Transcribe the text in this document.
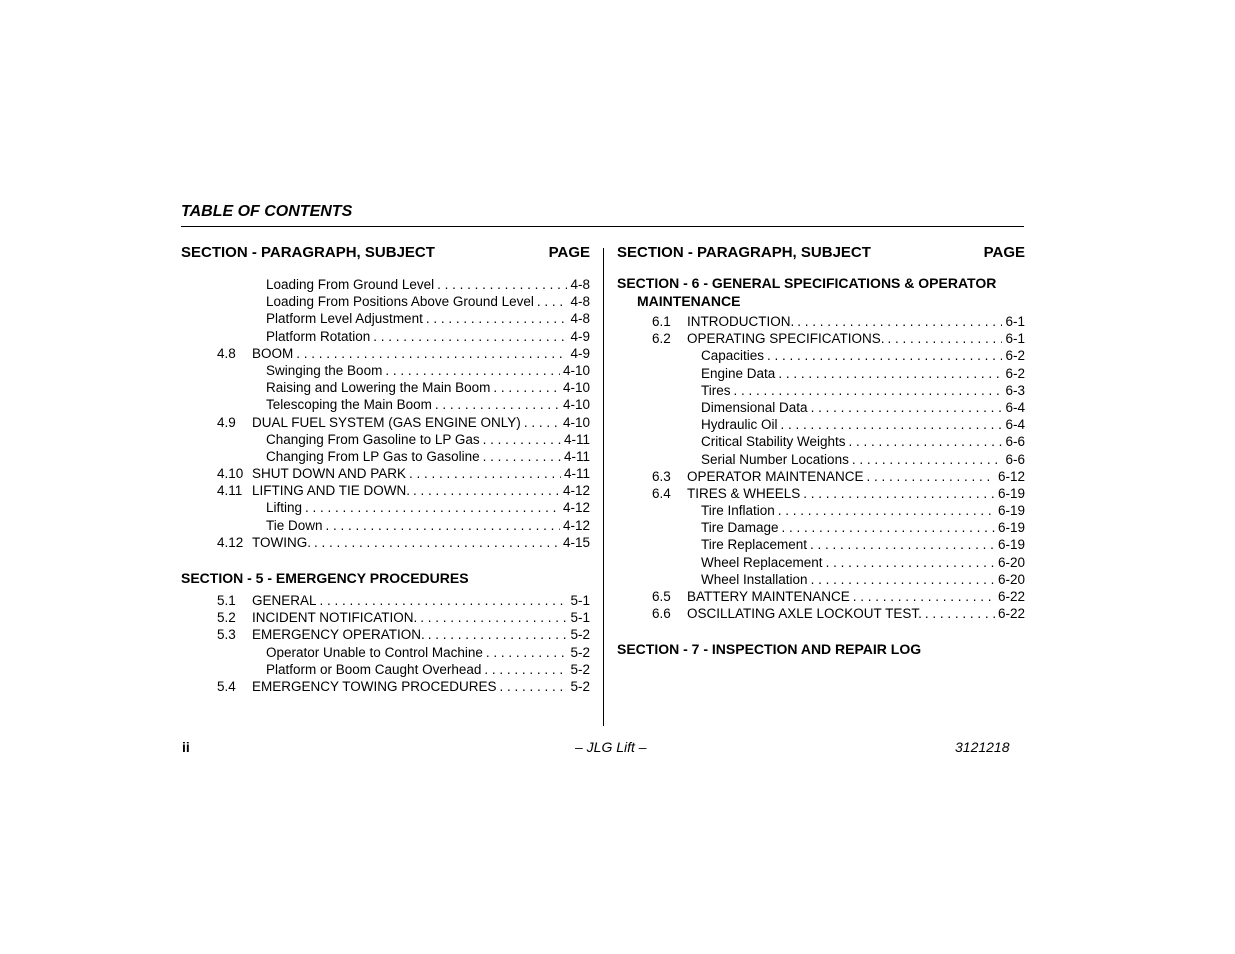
TABLE OF CONTENTS
SECTION - PARAGRAPH, SUBJECT	PAGE
Loading From Ground Level . . .	4-8
Loading From Positions Above Ground Level . . .	4-8
Platform Level Adjustment . . .	4-8
Platform Rotation . . .	4-9
4.8 BOOM . . .	4-9
Swinging the Boom . . .	4-10
Raising and Lowering the Main Boom . . .	4-10
Telescoping the Main Boom . . .	4-10
4.9 DUAL FUEL SYSTEM (GAS ENGINE ONLY) . . .	4-10
Changing From Gasoline to LP Gas . . .	4-11
Changing From LP Gas to Gasoline . . .	4-11
4.10 SHUT DOWN AND PARK . . .	4-11
4.11 LIFTING AND TIE DOWN. . . .	4-12
Lifting . . .	4-12
Tie Down . . .	4-12
4.12 TOWING. . . .	4-15
SECTION - 5 - EMERGENCY PROCEDURES
5.1 GENERAL . . .	5-1
5.2 INCIDENT NOTIFICATION. . . .	5-1
5.3 EMERGENCY OPERATION. . . .	5-2
Operator Unable to Control Machine . . .	5-2
Platform or Boom Caught Overhead . . .	5-2
5.4 EMERGENCY TOWING PROCEDURES . . .	5-2
SECTION - PARAGRAPH, SUBJECT	PAGE
SECTION - 6 - GENERAL SPECIFICATIONS & OPERATOR
MAINTENANCE
6.1 INTRODUCTION. . . .	6-1
6.2 OPERATING SPECIFICATIONS. . . .	6-1
Capacities . . .	6-2
Engine Data . . .	6-2
Tires . . .	6-3
Dimensional Data . . .	6-4
Hydraulic Oil . . .	6-4
Critical Stability Weights . . .	6-6
Serial Number Locations . . .	6-6
6.3 OPERATOR MAINTENANCE . . .	6-12
6.4 TIRES & WHEELS . . .	6-19
Tire Inflation . . .	6-19
Tire Damage . . .	6-19
Tire Replacement . . .	6-19
Wheel Replacement . . .	6-20
Wheel Installation . . .	6-20
6.5 BATTERY MAINTENANCE . . .	6-22
6.6 OSCILLATING AXLE LOCKOUT TEST. . . .	6-22
SECTION - 7 - INSPECTION AND REPAIR LOG
ii	– JLG Lift –	3121218
